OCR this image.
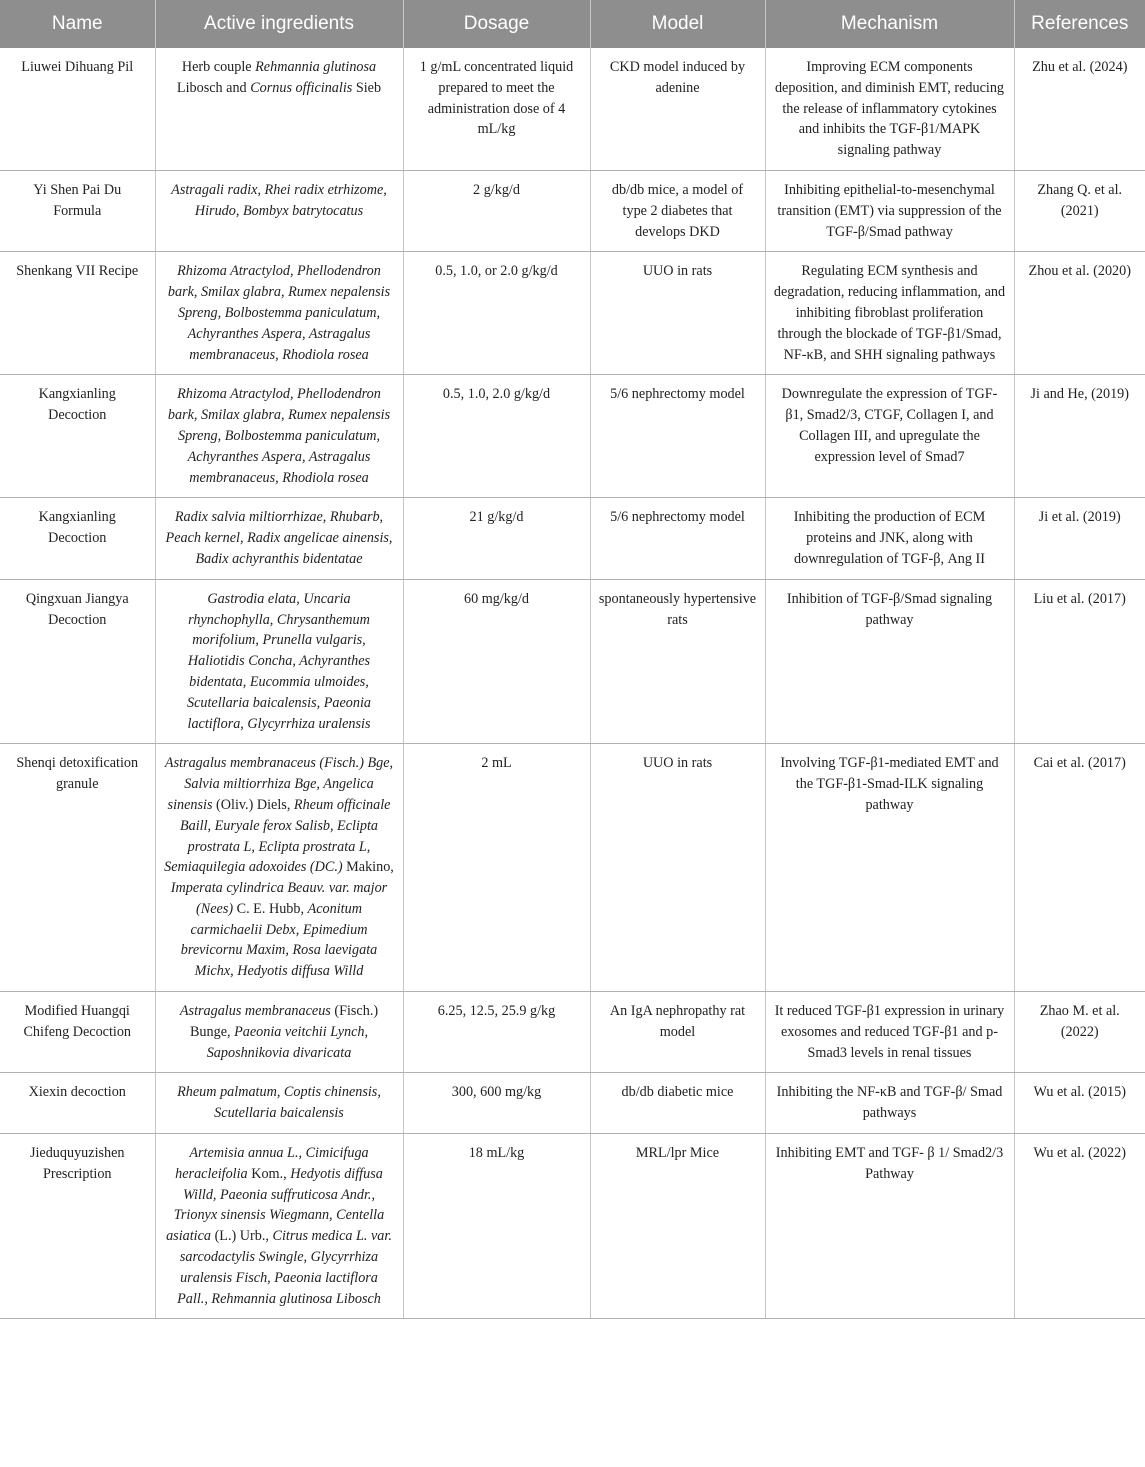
Name	Active ingredients	Dosage	Model	Mechanism	References
Liuwei Dihuang Pil	Herb couple Rehmannia glutinosa Libosch and Cornus officinalis Sieb	1 g/mL concentrated liquid prepared to meet the administration dose of 4 mL/kg	CKD model induced by adenine	Improving ECM components deposition, and diminish EMT, reducing the release of inflammatory cytokines and inhibits the TGF-β1/MAPK signaling pathway	Zhu et al. (2024)
Yi Shen Pai Du Formula	Astragali radix, Rhei radix etrhizome, Hirudo, Bombyx batrytocatus	2 g/kg/d	db/db mice, a model of type 2 diabetes that develops DKD	Inhibiting epithelial-to-mesenchymal transition (EMT) via suppression of the TGF-β/Smad pathway	Zhang Q. et al. (2021)
Shenkang VII Recipe	Rhizoma Atractylod, Phellodendron bark, Smilax glabra, Rumex nepalensis Spreng, Bolbostemma paniculatum, Achyranthes Aspera, Astragalus membranaceus, Rhodiola rosea	0.5, 1.0, or 2.0 g/kg/d	UUO in rats	Regulating ECM synthesis and degradation, reducing inflammation, and inhibiting fibroblast proliferation through the blockade of TGF-β1/Smad, NF-κB, and SHH signaling pathways	Zhou et al. (2020)
Kangxianling Decoction	Rhizoma Atractylod, Phellodendron bark, Smilax glabra, Rumex nepalensis Spreng, Bolbostemma paniculatum, Achyranthes Aspera, Astragalus membranaceus, Rhodiola rosea	0.5, 1.0, 2.0 g/kg/d	5/6 nephrectomy model	Downregulate the expression of TGF-β1, Smad2/3, CTGF, Collagen I, and Collagen III, and upregulate the expression level of Smad7	Ji and He, (2019)
Kangxianling Decoction	Radix salvia miltiorrhizae, Rhubarb, Peach kernel, Radix angelicae ainensis, Badix achyranthis bidentatae	21 g/kg/d	5/6 nephrectomy model	Inhibiting the production of ECM proteins and JNK, along with downregulation of TGF-β, Ang II	Ji et al. (2019)
Qingxuan Jiangya Decoction	Gastrodia elata, Uncaria rhynchophylla, Chrysanthemum morifolium, Prunella vulgaris, Haliotidis Concha, Achyranthes bidentata, Eucommia ulmoides, Scutellaria baicalensis, Paeonia lactiflora, Glycyrrhiza uralensis	60 mg/kg/d	spontaneously hypertensive rats	Inhibition of TGF-β/Smad signaling pathway	Liu et al. (2017)
Shenqi detoxification granule	Astragalus membranaceus (Fisch.) Bge, Salvia miltiorrhiza Bge, Angelica sinensis (Oliv.) Diels, Rheum officinale Baill, Euryale ferox Salisb, Eclipta prostrata L, Eclipta prostrata L, Semiaquilegia adoxoides (DC.) Makino, Imperata cylindrica Beauv. var. major (Nees) C. E. Hubb, Aconitum carmichaelii Debx, Epimedium brevicornu Maxim, Rosa laevigata Michx, Hedyotis diffusa Willd	2 mL	UUO in rats	Involving TGF-β1-mediated EMT and the TGF-β1-Smad-ILK signaling pathway	Cai et al. (2017)
Modified Huangqi Chifeng Decoction	Astragalus membranaceus (Fisch.) Bunge, Paeonia veitchii Lynch, Saposhnikovia divaricata	6.25, 12.5, 25.9 g/kg	An IgA nephropathy rat model	It reduced TGF-β1 expression in urinary exosomes and reduced TGF-β1 and p-Smad3 levels in renal tissues	Zhao M. et al. (2022)
Xiexin decoction	Rheum palmatum, Coptis chinensis, Scutellaria baicalensis	300, 600 mg/kg	db/db diabetic mice	Inhibiting the NF-κB and TGF-β/ Smad pathways	Wu et al. (2015)
Jieduquyuzishen Prescription	Artemisia annua L., Cimicifuga heracleifolia Kom., Hedyotis diffusa Willd, Paeonia suffruticosa Andr., Trionyx sinensis Wiegmann, Centella asiatica (L.) Urb., Citrus medica L. var. sarcodactylis Swingle, Glycyrrhiza uralensis Fisch, Paeonia lactiflora Pall., Rehmannia glutinosa Libosch	18 mL/kg	MRL/lpr Mice	Inhibiting EMT and TGF- β 1/ Smad2/3 Pathway	Wu et al. (2022)
